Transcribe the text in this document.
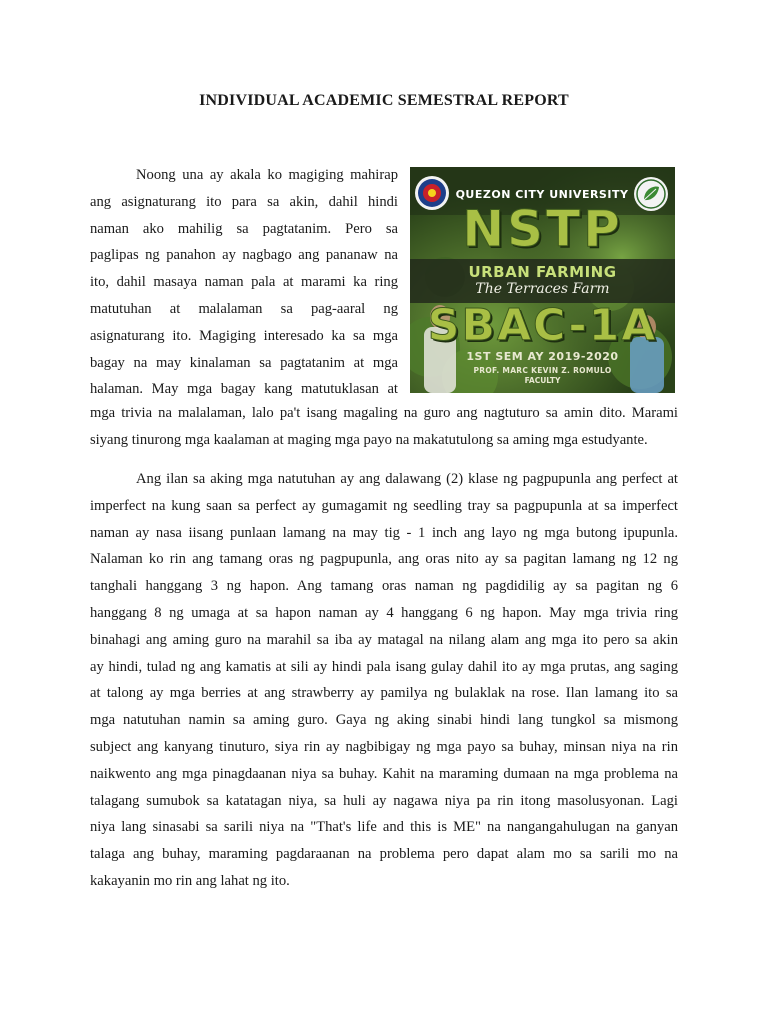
INDIVIDUAL ACADEMIC SEMESTRAL REPORT
Noong una ay akala ko magiging mahirap
ang asignaturang ito para sa akin, dahil hindi
naman ako mahilig sa pagtatanim. Pero sa
paglipas ng panahon ay nagbago ang pananaw na
ito, dahil masaya naman pala at marami ka ring
matutuhan at malalaman sa pag-aaral ng
asignaturang ito. Magiging interesado ka sa mga
bagay na may kinalaman sa pagtatanim at mga
halaman. May mga bagay kang matutuklasan at
QUEZON CITY UNIVERSITY
NSTP
URBAN FARMING
The Terraces Farm
SBAC-1A
1ST SEM AY 2019-2020
PROF. MARC KEVIN Z. ROMULO
FACULTY
mga trivia na malalaman, lalo pa't isang magaling na guro ang nagtuturo sa amin dito. Marami
siyang tinurong mga kaalaman at maging mga payo na makatutulong sa aming mga estudyante.
Ang ilan sa aking mga natutuhan ay ang dalawang (2) klase ng pagpupunla ang perfect at
imperfect na kung saan sa perfect ay gumagamit ng seedling tray sa pagpupunla at sa imperfect
naman ay nasa iisang punlaan lamang na may tig - 1 inch ang layo ng mga butong ipupunla.
Nalaman ko rin ang tamang oras ng pagpupunla, ang oras nito ay sa pagitan lamang ng 12 ng
tanghali hanggang 3 ng hapon. Ang tamang oras naman ng pagdidilig ay sa pagitan ng 6
hanggang 8 ng umaga at sa hapon naman ay 4 hanggang 6 ng hapon. May mga trivia ring
binahagi ang aming guro na marahil sa iba ay matagal na nilang alam ang mga ito pero sa akin
ay hindi, tulad ng ang kamatis at sili ay hindi pala isang gulay dahil ito ay mga prutas, ang saging
at talong ay mga berries at ang strawberry ay pamilya ng bulaklak na rose. Ilan lamang ito sa
mga natutuhan namin sa aming guro. Gaya ng aking sinabi hindi lang tungkol sa mismong
subject ang kanyang tinuturo, siya rin ay nagbibigay ng mga payo sa buhay, minsan niya na rin
naikwento ang mga pinagdaanan niya sa buhay. Kahit na maraming dumaan na mga problema na
talagang sumubok sa katatagan niya, sa huli ay nagawa niya pa rin itong masolusyonan. Lagi
niya lang sinasabi sa sarili niya na "That's life and this is ME" na nangangahulugan na ganyan
talaga ang buhay, maraming pagdaraanan na problema pero dapat alam mo sa sarili mo na
kakayanin mo rin ang lahat ng ito.
